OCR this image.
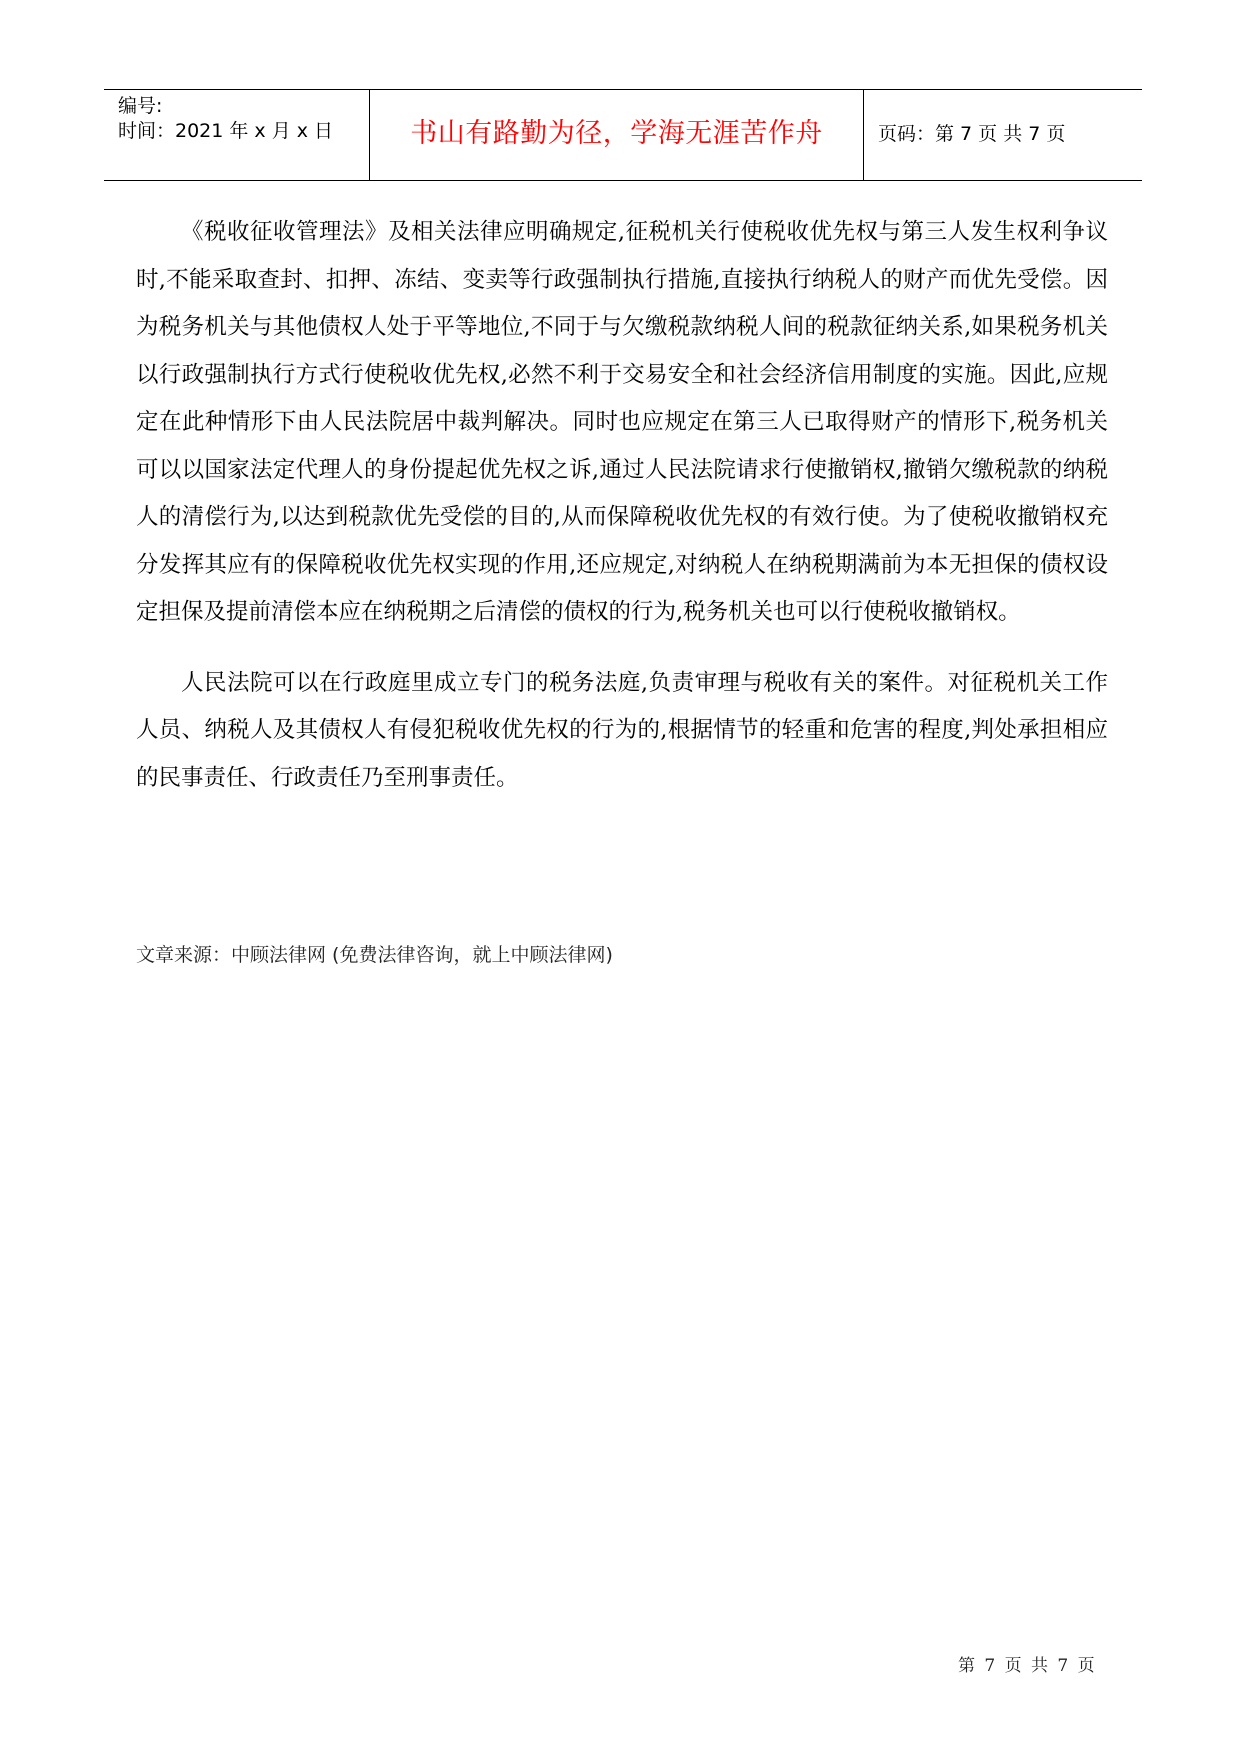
编号:
时间：2021 年 x 月 x 日	书山有路勤为径，学海无涯苦作舟	页码：第 7 页 共 7 页

《税收征收管理法》及相关法律应明确规定,征税机关行使税收优先权与第三人发生权利争议时,不能采取查封、扣押、冻结、变卖等行政强制执行措施,直接执行纳税人的财产而优先受偿。因为税务机关与其他债权人处于平等地位,不同于与欠缴税款纳税人间的税款征纳关系,如果税务机关以行政强制执行方式行使税收优先权,必然不利于交易安全和社会经济信用制度的实施。因此,应规定在此种情形下由人民法院居中裁判解决。同时也应规定在第三人已取得财产的情形下,税务机关可以以国家法定代理人的身份提起优先权之诉,通过人民法院请求行使撤销权,撤销欠缴税款的纳税人的清偿行为,以达到税款优先受偿的目的,从而保障税收优先权的有效行使。为了使税收撤销权充分发挥其应有的保障税收优先权实现的作用,还应规定,对纳税人在纳税期满前为本无担保的债权设定担保及提前清偿本应在纳税期之后清偿的债权的行为,税务机关也可以行使税收撤销权。

人民法院可以在行政庭里成立专门的税务法庭,负责审理与税收有关的案件。对征税机关工作人员、纳税人及其债权人有侵犯税收优先权的行为的,根据情节的轻重和危害的程度,判处承担相应的民事责任、行政责任乃至刑事责任。

文章来源：中顾法律网 (免费法律咨询，就上中顾法律网)
第 7 页 共 7 页
